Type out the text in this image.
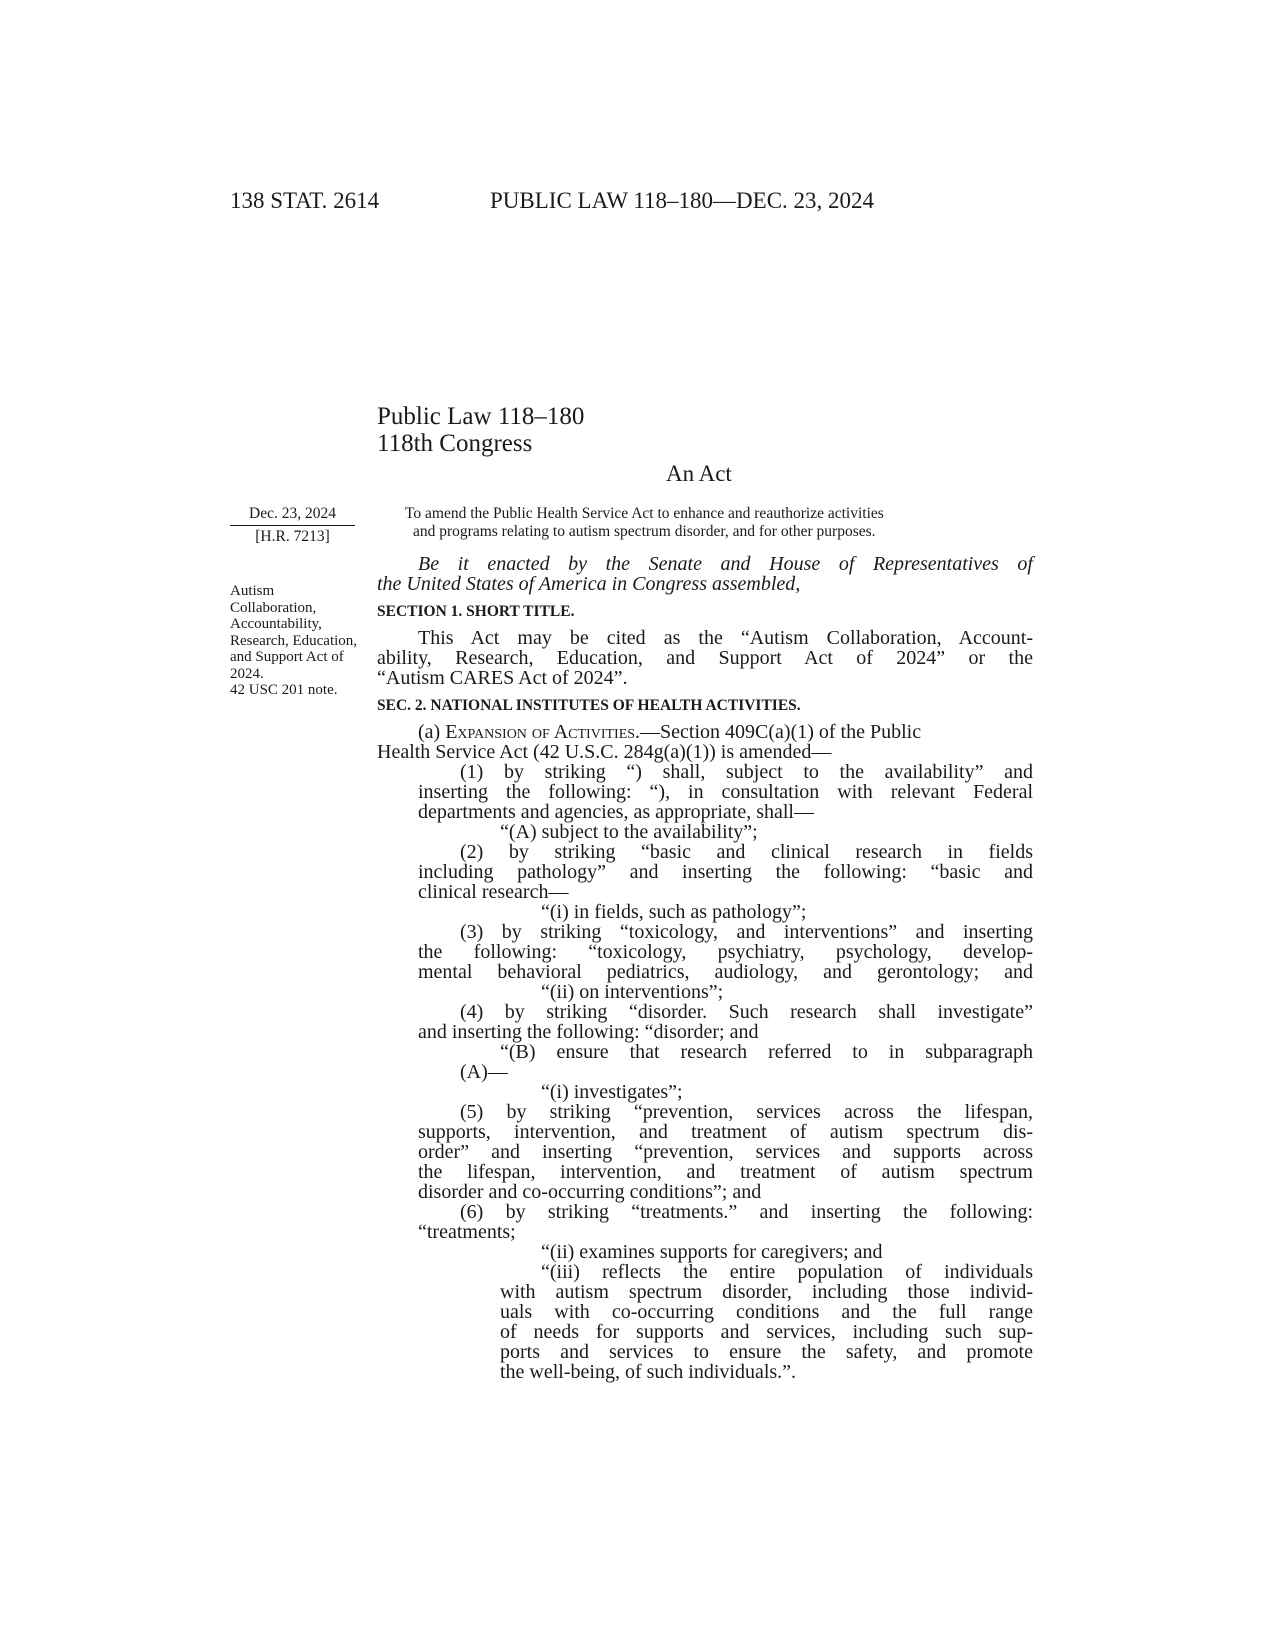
138 STAT. 2614	PUBLIC LAW 118–180—DEC. 23, 2024
Public Law 118–180
118th Congress
An Act
Dec. 23, 2024
[H.R. 7213]
To amend the Public Health Service Act to enhance and reauthorize activities
and programs relating to autism spectrum disorder, and for other purposes.
Autism Collaboration, Accountability, Research, Education, and Support Act of 2024.
42 USC 201 note.
Be it enacted by the Senate and House of Representatives of
the United States of America in Congress assembled,
SECTION 1. SHORT TITLE.
This Act may be cited as the “Autism Collaboration, Account-
ability, Research, Education, and Support Act of 2024” or the
“Autism CARES Act of 2024”.
SEC. 2. NATIONAL INSTITUTES OF HEALTH ACTIVITIES.
(a) Expansion of Activities.—Section 409C(a)(1) of the Public
Health Service Act (42 U.S.C. 284g(a)(1)) is amended—
(1) by striking “) shall, subject to the availability” and
inserting the following: “), in consultation with relevant Federal
departments and agencies, as appropriate, shall—
“(A) subject to the availability”;
(2) by striking “basic and clinical research in fields
including pathology” and inserting the following: “basic and
clinical research—
“(i) in fields, such as pathology”;
(3) by striking “toxicology, and interventions” and inserting
the following: “toxicology, psychiatry, psychology, develop-
mental behavioral pediatrics, audiology, and gerontology; and
“(ii) on interventions”;
(4) by striking “disorder. Such research shall investigate”
and inserting the following: “disorder; and
“(B) ensure that research referred to in subparagraph
(A)—
“(i) investigates”;
(5) by striking “prevention, services across the lifespan,
supports, intervention, and treatment of autism spectrum dis-
order” and inserting “prevention, services and supports across
the lifespan, intervention, and treatment of autism spectrum
disorder and co-occurring conditions”; and
(6) by striking “treatments.” and inserting the following:
“treatments;
“(ii) examines supports for caregivers; and
“(iii) reflects the entire population of individuals
with autism spectrum disorder, including those individ-
uals with co-occurring conditions and the full range
of needs for supports and services, including such sup-
ports and services to ensure the safety, and promote
the well-being, of such individuals.”.
